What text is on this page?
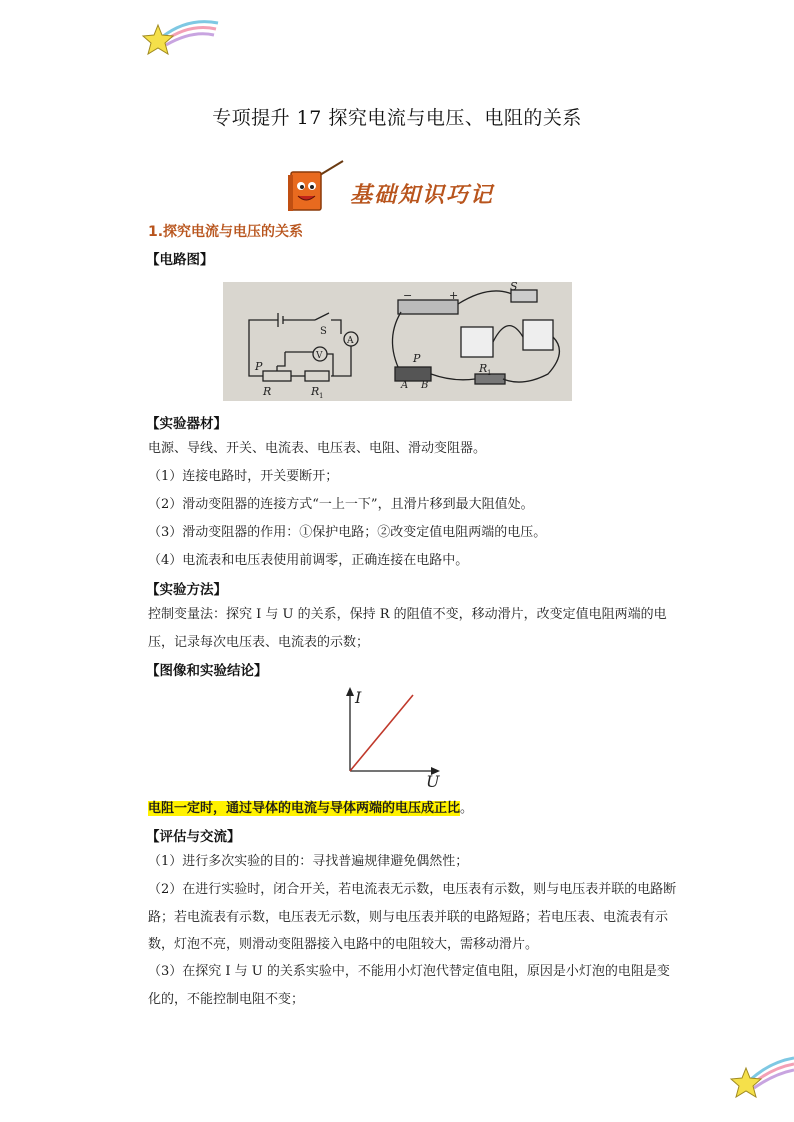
专项提升 17 探究电流与电压、电阻的关系
基础知识巧记
1.探究电流与电压的关系
【电路图】
S
A
V
P
R	R 1
−	+
S
P
A B
R 1
【实验器材】
电源、导线、开关、电流表、电压表、电阻、滑动变阻器。
（1）连接电路时，开关要断开；
（2）滑动变阻器的连接方式“一上一下”，且滑片移到最大阻值处。
（3）滑动变阻器的作用：①保护电路；②改变定值电阻两端的电压。
（4）电流表和电压表使用前调零，正确连接在电路中。
【实验方法】
控制变量法：探究 I 与 U 的关系，保持 R 的阻值不变，移动滑片，改变定值电阻两端的电压，记录每次电压表、电流表的示数；
【图像和实验结论】
I
U
电阻一定时，通过导体的电流与导体两端的电压成正比。
【评估与交流】
（1）进行多次实验的目的：寻找普遍规律避免偶然性；
（2）在进行实验时，闭合开关，若电流表无示数，电压表有示数，则与电压表并联的电路断路；若电流表有示数，电压表无示数，则与电压表并联的电路短路；若电压表、电流表有示数，灯泡不亮，则滑动变阻器接入电路中的电阻较大，需移动滑片。
（3）在探究 I 与 U 的关系实验中，不能用小灯泡代替定值电阻，原因是小灯泡的电阻是变化的，不能控制电阻不变；
